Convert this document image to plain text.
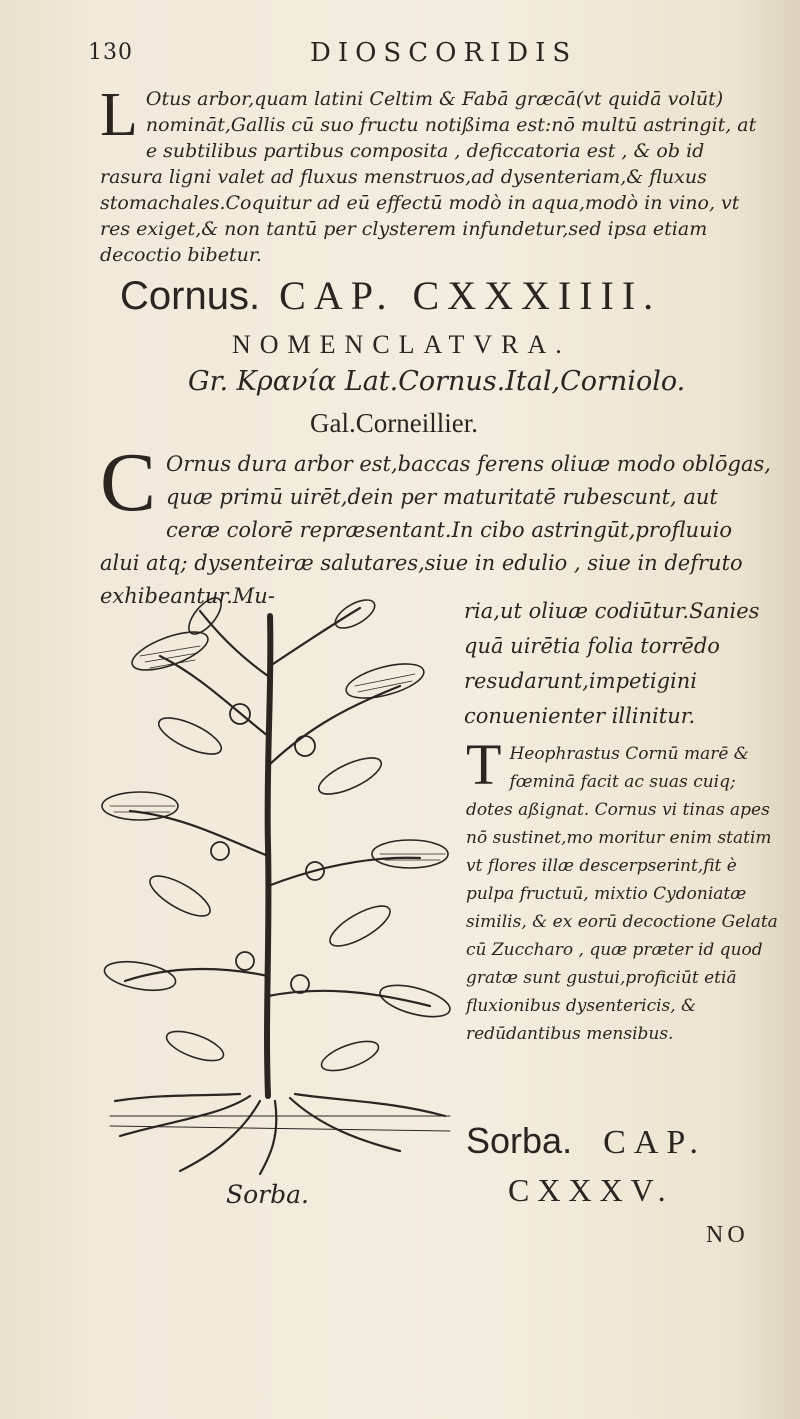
130	DIOSCORIDIS

L Otus arbor,quam latini Celtim & Fabā græcā(vt quidā volūt) nomināt,Gallis cū suo fructu notißima est:nō multū astringit, at e subtilibus partibus composita , deficcatoria est , & ob id rasura ligni valet ad fluxus menstruos,ad dysenteriam,& fluxus stomachales.Coquitur ad eū effectū modò in aqua,modò in vino, vt res exiget,& non tantū per clysterem infundetur,sed ipsa etiam decoctio bibetur.

Cornus. CAP. CXXXIIII.
NOMENCLATVRA.
Gr. Κρανία Lat.Cornus.Ital,Corniolo.
Gal.Corneillier.

C Ornus dura arbor est,baccas ferens oliuæ modo oblōgas, quæ primū uirēt,dein per maturitatē rubescunt, aut ceræ colorē repræsentant.In cibo astringūt,profluuio alui atq; dysenteiræ salutares,siue in edulio , siue in defruto exhibeantur.Mu-

ria,ut oliuæ codiūtur.Sanies quā uirētia folia torrēdo resudarunt,impetigini conuenienter illinitur.

T Heophrastus Cornū marē & fœminā facit ac suas cuiq; dotes aßignat. Cornus vi tinas apes nō sustinet,mo moritur enim statim vt flores illæ descerpserint,fit è pulpa fructuū, mixtio Cydoniatæ similis, & ex eorū decoctione Gelata cū Zuccharo , quæ præter id quod gratæ sunt gustui,proficiūt etiā fluxionibus dysentericis, & redūdantibus mensibus.

Sorba.
Sorba. CAP.
CXXXV.
NO
